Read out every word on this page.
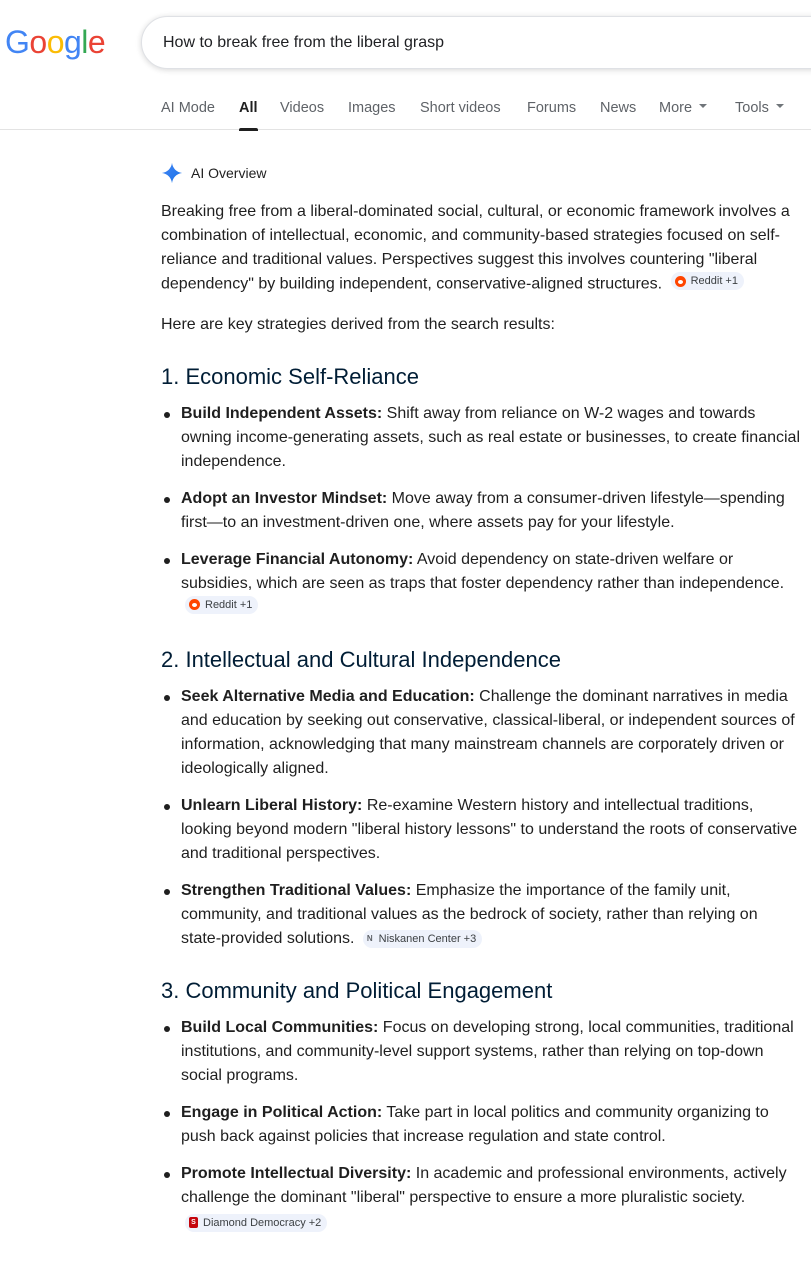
Google	How to break free from the liberal grasp
AI Mode All Videos Images Short videos Forums News More	Tools
AI Overview

Breaking free from a liberal-dominated social, cultural, or economic framework involves a combination of intellectual, economic, and community-based strategies focused on self-reliance and traditional values. Perspectives suggest this involves countering "liberal dependency" by building independent, conservative-aligned structures.	Reddit +1

Here are key strategies derived from the search results:

1. Economic Self-Reliance
Build Independent Assets: Shift away from reliance on W-2 wages and towards owning income-generating assets, such as real estate or businesses, to create financial independence.
Adopt an Investor Mindset: Move away from a consumer-driven lifestyle—spending first—to an investment-driven one, where assets pay for your lifestyle.
Leverage Financial Autonomy: Avoid dependency on state-driven welfare or subsidies, which are seen as traps that foster dependency rather than independence.
Reddit +1
2. Intellectual and Cultural Independence
Seek Alternative Media and Education: Challenge the dominant narratives in media and education by seeking out conservative, classical-liberal, or independent sources of information, acknowledging that many mainstream channels are corporately driven or ideologically aligned.
Unlearn Liberal History: Re-examine Western history and intellectual traditions, looking beyond modern "liberal history lessons" to understand the roots of conservative and traditional perspectives.
Strengthen Traditional Values: Emphasize the importance of the family unit, community, and traditional values as the bedrock of society, rather than relying on state-provided solutions. N Niskanen Center +3
3. Community and Political Engagement
Build Local Communities: Focus on developing strong, local communities, traditional institutions, and community-level support systems, rather than relying on top-down social programs.
Engage in Political Action: Take part in local politics and community organizing to push back against policies that increase regulation and state control.
Promote Intellectual Diversity: In academic and professional environments, actively challenge the dominant "liberal" perspective to ensure a more pluralistic society.
S Diamond Democracy +2
